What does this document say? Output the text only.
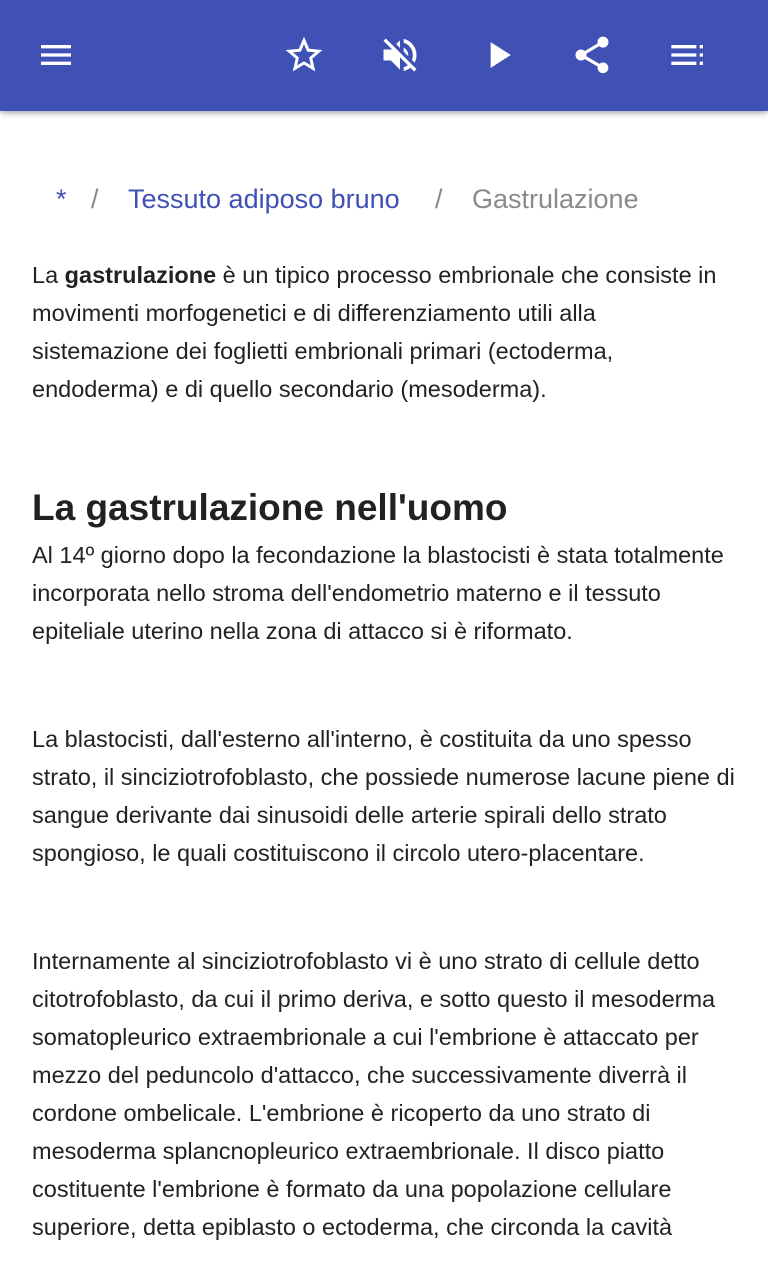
* / Tessuto adiposo bruno / Gastrulazione

La gastrulazione è un tipico processo embrionale che consiste in movimenti morfogenetici e di differenziamento utili alla sistemazione dei foglietti embrionali primari (ectoderma, endoderma) e di quello secondario (mesoderma).

La gastrulazione nell'uomo

Al 14º giorno dopo la fecondazione la blastocisti è stata totalmente incorporata nello stroma dell'endometrio materno e il tessuto epiteliale uterino nella zona di attacco si è riformato.

La blastocisti, dall'esterno all'interno, è costituita da uno spesso strato, il sinciziotrofoblasto, che possiede numerose lacune piene di sangue derivante dai sinusoidi delle arterie spirali dello strato spongioso, le quali costituiscono il circolo utero-placentare.

Internamente al sinciziotrofoblasto vi è uno strato di cellule detto citotrofoblasto, da cui il primo deriva, e sotto questo il mesoderma somatopleurico extraembrionale a cui l'embrione è attaccato per mezzo del peduncolo d'attacco, che successivamente diverrà il cordone ombelicale. L'embrione è ricoperto da uno strato di mesoderma splancnopleurico extraembrionale. Il disco piatto costituente l'embrione è formato da una popolazione cellulare superiore, detta epiblasto o ectoderma, che circonda la cavità
